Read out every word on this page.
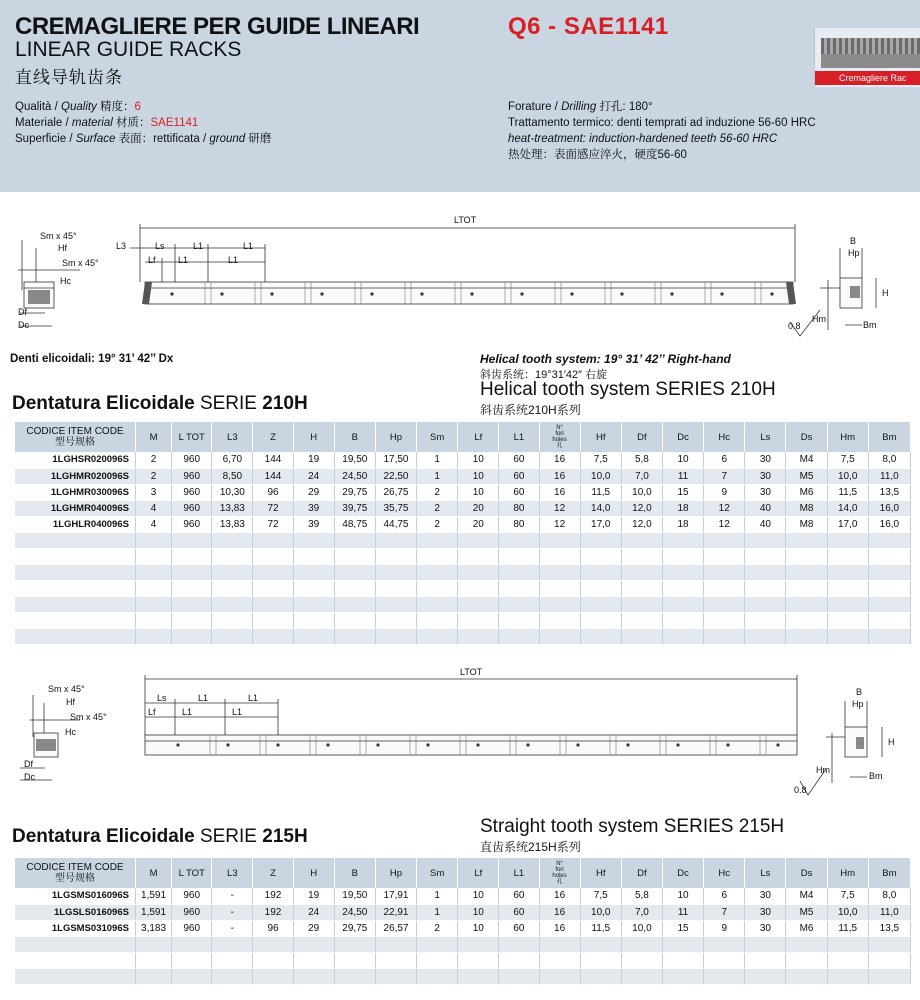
CREMAGLIERE PER GUIDE LINEARI
LINEAR GUIDE RACKS
直线导轨齿条
Q6 - SAE1141
Cremagliere Rac
Qualità / Quality 精度：6
Materiale / material 材质：SAE1141
Superficie / Surface 表面：rettificata / ground 研磨
Forature / Drilling 打孔: 180°
Trattamento termico: denti temprati ad induzione 56-60 HRC
heat-treatment: induction-hardened teeth 56-60 HRC
热处理：表面感应淬火，硬度56-60
LTOT
L3	Ls	L1	L1
Lf L1	L1
Sm x 45°
Hf
Sm x 45°
Hc
Df
Dc
B
Hp
H
Hm
Bm
0.8
Denti elicoidali: 19° 31’ 42’’ Dx	Helical tooth system: 19° 31’ 42’’ Right-hand
斜齿系统：19°31′42″ 右旋
Helical tooth system SERIES 210H
斜齿系统210H系列
Dentatura Elicoidale SERIE 210H
CODICE ITEM CODE
型号规格	M	L TOT	L3	Z	H	B	Hp	Sm	Lf	L1	N°
fori
holes
孔	Hf	Df	Dc	Hc	Ls	Ds	Hm	Bm
1LGHSR020096S	2	960	6,70	144	19	19,50	17,50	1	10	60	16	7,5	5,8	10	6	30	M4	7,5	8,0
1LGHMR020096S	2	960	8,50	144	24	24,50	22,50	1	10	60	16	10,0	7,0	11	7	30	M5	10,0	11,0
1LGHMR030096S	3	960	10,30	96	29	29,75	26,75	2	10	60	16	11,5	10,0	15	9	30	M6	11,5	13,5
1LGHMR040096S	4	960	13,83	72	39	39,75	35,75	2	20	80	12	14,0	12,0	18	12	40	M8	14,0	16,0
1LGHLR040096S	4	960	13,83	72	39	48,75	44,75	2	20	80	12	17,0	12,0	18	12	40	M8	17,0	16,0

LTOT
Ls	L1	L1
Lf	L1	L1
Sm x 45°
Hf
Sm x 45°
Hc
Df
Dc
B
Hp
H
Hm
Bm
0.8
Straight tooth system SERIES 215H
直齿系统215H系列
Dentatura Elicoidale SERIE 215H
CODICE ITEM CODE
型号规格	M	L TOT	L3	Z	H	B	Hp	Sm	Lf	L1	N°
fori
holes
孔	Hf	Df	Dc	Hc	Ls	Ds	Hm	Bm
1LGSMS016096S	1,591	960	-	192	19	19,50	17,91	1	10	60	16	7,5	5,8	10	6	30	M4	7,5	8,0
1LGSLS016096S	1,591	960	-	192	24	24,50	22,91	1	10	60	16	10,0	7,0	11	7	30	M5	10,0	11,0
1LGSMS031096S	3,183	960	-	96	29	29,75	26,57	2	10	60	16	11,5	10,0	15	9	30	M6	11,5	13,5
